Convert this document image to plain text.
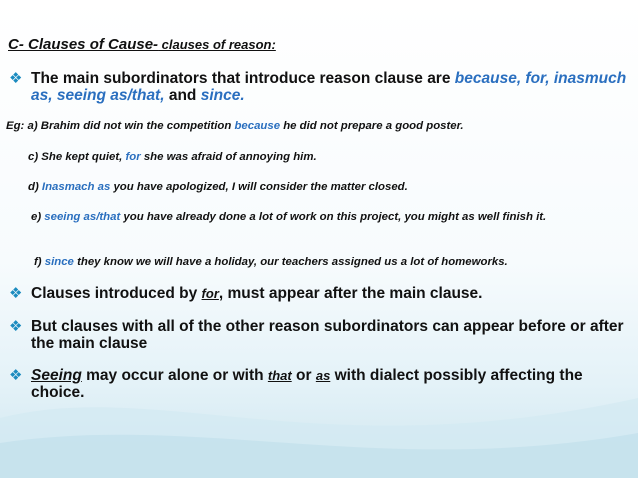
C- Clauses of Cause- clauses of reason:
❖ The main subordinators that introduce reason clause are because, for, inasmuch as, seeing as/that, and since.
Eg: a) Brahim did not win the competition because he did not prepare a good poster.
c) She kept quiet, for she was afraid of annoying him.
d) Inasmach as you have apologized, I will consider the matter closed.
e) seeing as/that you have already done a lot of work on this project, you might as well finish it.
f) since they know we will have a holiday, our teachers assigned us a lot of homeworks.
❖ Clauses introduced by for, must appear after the main clause.
❖ But clauses with all of the other reason subordinators can appear before or after the main clause
❖ Seeing may occur alone or with that or as with dialect possibly affecting the choice.
